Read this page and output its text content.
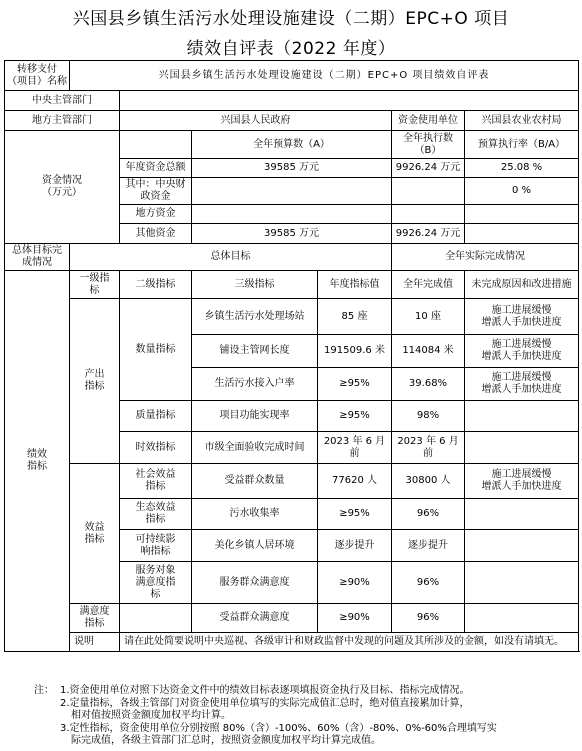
兴国县乡镇生活污水处理设施建设（二期）EPC+O 项目
绩效自评表（2022 年度）
转移支付
（项目）名称	兴国县乡镇生活污水处理设施建设（二期）EPC+O 项目绩效自评表					
中央主管部门						
地方主管部门		兴国县人民政府			资金使用单位	兴国县农业农村局
资金情况
（万元）			全年预算数（A）		全年执行数
（B）	预算执行率（B/A）
		年度资金总额	39585 万元		9926.24 万元	25.08 %
		其中：中央财政资金				0 %
		地方资金				
		其他资金	39585 万元		9926.24 万元	
总体目标完
成情况	总体目标				全年实际完成情况	
绩效
指标	一级指
标	二级指标	三级指标	年度指标值	全年完成值	未完成原因和改进措施
	产出
指标	数量指标	乡镇生活污水处理场站	85 座	10 座	施工进展缓慢
增派人手加快进度
			铺设主管网长度	191509.6 米	114084 米	施工进展缓慢
增派人手加快进度
			生活污水接入户率	≥95%	39.68%	施工进展缓慢
增派人手加快进度
		质量指标	项目功能实现率	≥95%	98%	
		时效指标	市级全面验收完成时间	2023 年 6 月前	2023 年 6 月前	
	效益
指标	社会效益
指标	受益群众数量	77620 人	30800 人	施工进展缓慢
增派人手加快进度
		生态效益
指标	污水收集率	≥95%	96%	
		可持续影
响指标	美化乡镇人居环境	逐步提升	逐步提升	
		服务对象
满意度指
标	服务群众满意度	≥90%	96%	
	满意度
指标		受益群众满意度	≥90%	96%	
	说明	请在此处简要说明中央巡视、各级审计和财政监督中发现的问题及其所涉及的金额，如没有请填无。				
注： 1.资金使用单位对照下达资金文件中的绩效目标表逐项填报资金执行及目标、指标完成情况。
2.定量指标，各级主管部门对资金使用单位填写的实际完成值汇总时，绝对值直接累加计算，
相对值按照资金额度加权平均计算。
3.定性指标，资金使用单位分别按照 80%（含）-100%、60%（含）-80%、0%-60%合理填写实
际完成值，各级主管部门汇总时，按照资金额度加权平均计算完成值。
